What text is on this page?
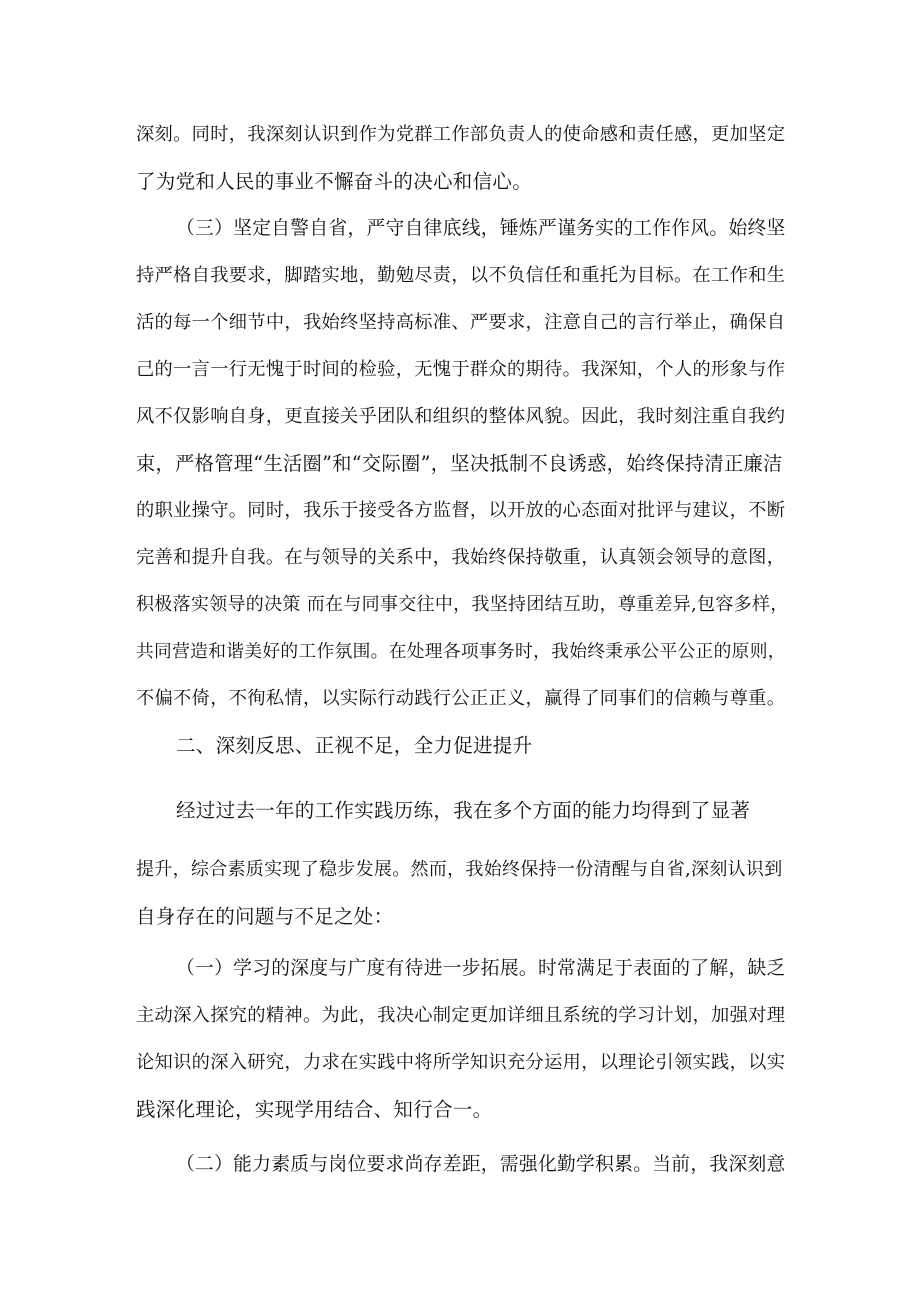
深刻。同时，我深刻认识到作为党群工作部负责人的使命感和责任感，更加坚定

了为党和人民的事业不懈奋斗的决心和信心。

（三）坚定自警自省，严守自律底线，锤炼严谨务实的工作作风。始终坚

持严格自我要求，脚踏实地，勤勉尽责，以不负信任和重托为目标。在工作和生

活的每一个细节中，我始终坚持高标准、严要求，注意自己的言行举止，确保自

己的一言一行无愧于时间的检验，无愧于群众的期待。我深知，个人的形象与作

风不仅影响自身，更直接关乎团队和组织的整体风貌。因此，我时刻注重自我约

束，严格管理“生活圈”和“交际圈”，坚决抵制不良诱惑，始终保持清正廉洁

的职业操守。同时，我乐于接受各方监督，以开放的心态面对批评与建议，不断

完善和提升自我。在与领导的关系中，我始终保持敬重，认真领会领导的意图，

积极落实领导的决策 而在与同事交往中，我坚持团结互助，尊重差异,包容多样，

共同营造和谐美好的工作氛围。在处理各项事务时，我始终秉承公平公正的原则，

不偏不倚，不徇私情，以实际行动践行公正正义，赢得了同事们的信赖与尊重。

二、深刻反思、正视不足，全力促进提升

经过过去一年的工作实践历练，我在多个方面的能力均得到了显著

提升，综合素质实现了稳步发展。然而，我始终保持一份清醒与自省,深刻认识到

自身存在的问题与不足之处：

（一）学习的深度与广度有待进一步拓展。时常满足于表面的了解，缺乏

主动深入探究的精神。为此，我决心制定更加详细且系统的学习计划，加强对理

论知识的深入研究，力求在实践中将所学知识充分运用，以理论引领实践，以实

践深化理论，实现学用结合、知行合一。

（二）能力素质与岗位要求尚存差距，需强化勤学积累。当前，我深刻意
